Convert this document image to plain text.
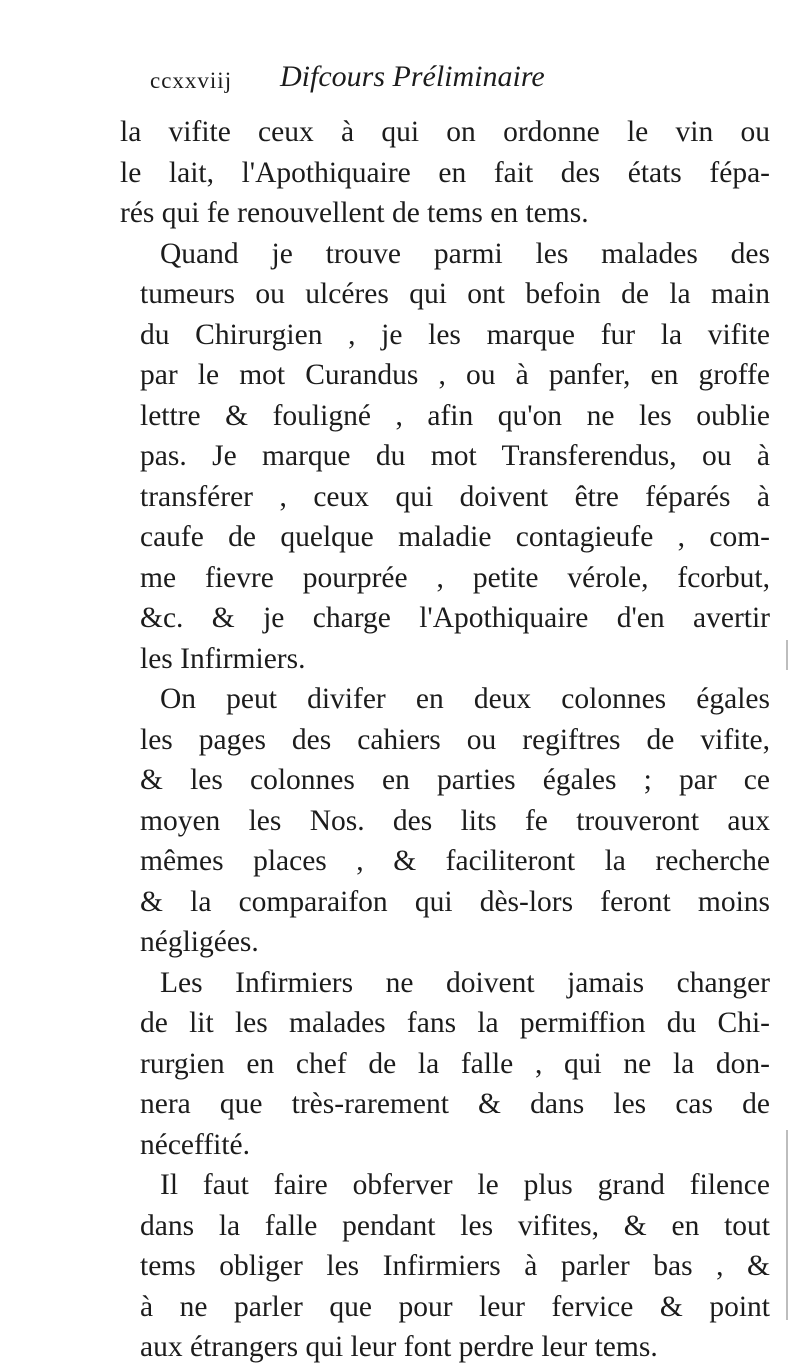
ccxxviij Difcours Préliminaire
la vifite ceux à qui on ordonne le vin ou
le lait, l'Apothiquaire en fait des états fépa-
rés qui fe renouvellent de tems en tems.
Quand je trouve parmi les malades des
tumeurs ou ulcéres qui ont befoin de la main
du Chirurgien , je les marque fur la vifite
par le mot Curandus , ou à panfer, en groffe
lettre & fouligné , afin qu'on ne les oublie
pas. Je marque du mot Transferendus, ou à
transférer , ceux qui doivent être féparés à
caufe de quelque maladie contagieufe , com-
me fievre pourprée , petite vérole, fcorbut,
&c. & je charge l'Apothiquaire d'en avertir
les Infirmiers.
On peut divifer en deux colonnes égales
les pages des cahiers ou regiftres de vifite,
& les colonnes en parties égales ; par ce
moyen les Nos. des lits fe trouveront aux
mêmes places , & faciliteront la recherche
& la comparaifon qui dès-lors feront moins
négligées.
Les Infirmiers ne doivent jamais changer
de lit les malades fans la permiffion du Chi-
rurgien en chef de la falle , qui ne la don-
nera que très-rarement & dans les cas de
néceffité.
Il faut faire obferver le plus grand filence
dans la falle pendant les vifites, & en tout
tems obliger les Infirmiers à parler bas , &
à ne parler que pour leur fervice & point
aux étrangers qui leur font perdre leur tems.
